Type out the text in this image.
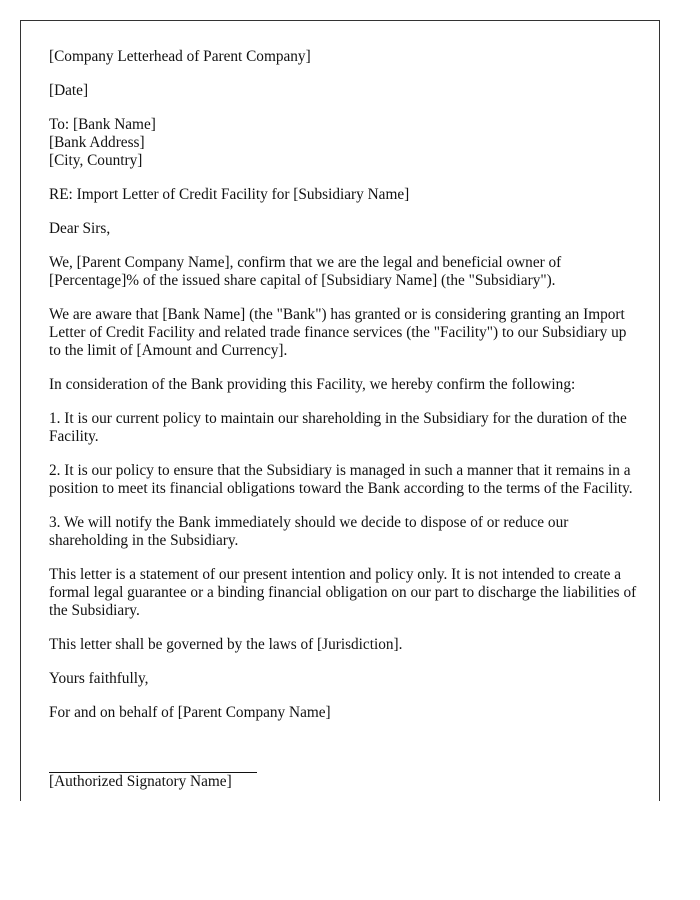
[Company Letterhead of Parent Company]

[Date]

To: [Bank Name]
[Bank Address]
[City, Country]

RE: Import Letter of Credit Facility for [Subsidiary Name]

Dear Sirs,

We, [Parent Company Name], confirm that we are the legal and beneficial owner of [Percentage]% of the issued share capital of [Subsidiary Name] (the "Subsidiary").

We are aware that [Bank Name] (the "Bank") has granted or is considering granting an Import Letter of Credit Facility and related trade finance services (the "Facility") to our Subsidiary up to the limit of [Amount and Currency].

In consideration of the Bank providing this Facility, we hereby confirm the following:

1. It is our current policy to maintain our shareholding in the Subsidiary for the duration of the Facility.

2. It is our policy to ensure that the Subsidiary is managed in such a manner that it remains in a position to meet its financial obligations toward the Bank according to the terms of the Facility.

3. We will notify the Bank immediately should we decide to dispose of or reduce our shareholding in the Subsidiary.

This letter is a statement of our present intention and policy only. It is not intended to create a formal legal guarantee or a binding financial obligation on our part to discharge the liabilities of the Subsidiary.

This letter shall be governed by the laws of [Jurisdiction].

Yours faithfully,

For and on behalf of [Parent Company Name]

[Authorized Signatory Name]
